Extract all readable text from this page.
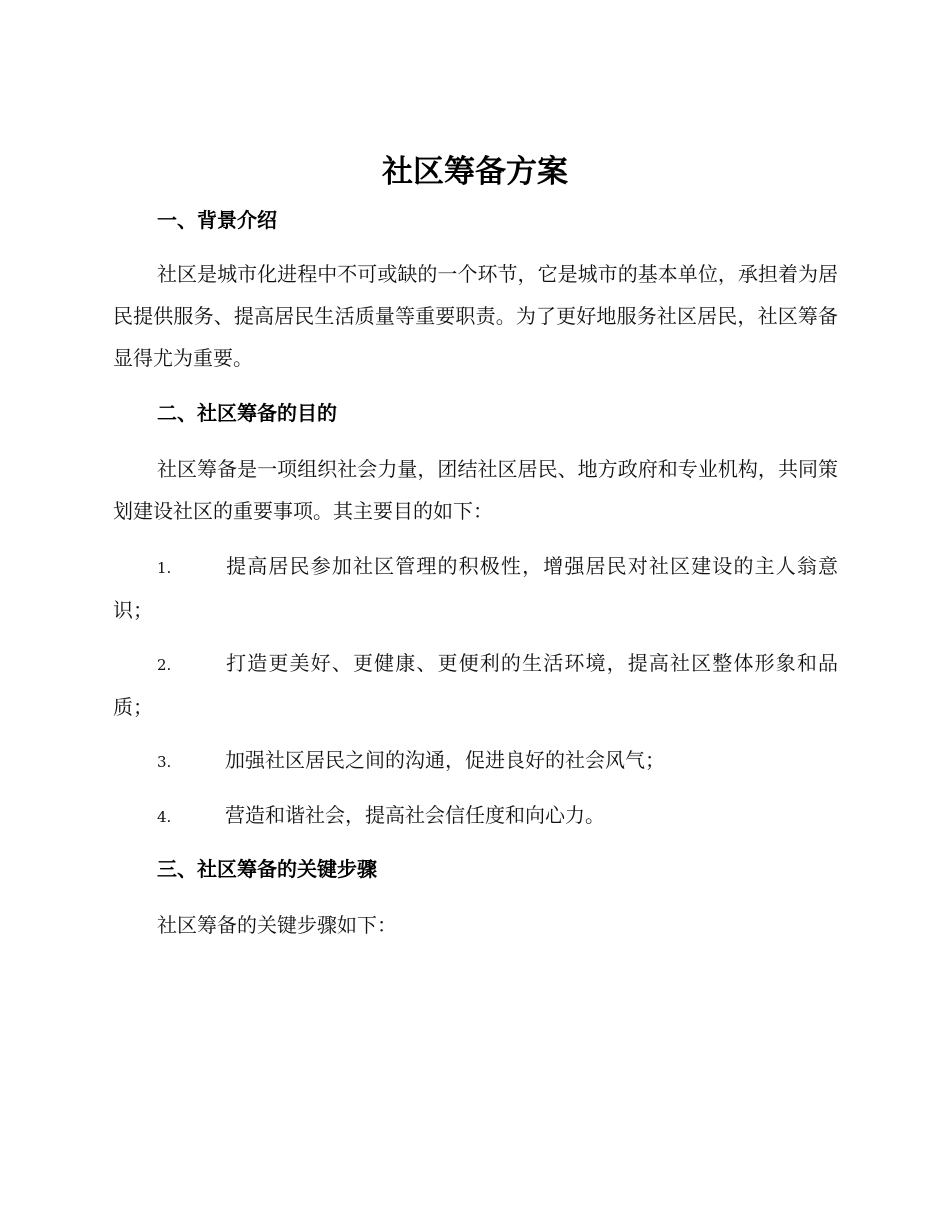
社区筹备方案
一、背景介绍
社区是城市化进程中不可或缺的一个环节，它是城市的基本单位，承担着为居民提供服务、提高居民生活质量等重要职责。为了更好地服务社区居民，社区筹备显得尤为重要。
二、社区筹备的目的
社区筹备是一项组织社会力量，团结社区居民、地方政府和专业机构，共同策划建设社区的重要事项。其主要目的如下：
1.	提高居民参加社区管理的积极性，增强居民对社区建设的主人翁意识；
2.	打造更美好、更健康、更便利的生活环境，提高社区整体形象和品质；
3.	加强社区居民之间的沟通，促进良好的社会风气；
4.	营造和谐社会，提高社会信任度和向心力。
三、社区筹备的关键步骤
社区筹备的关键步骤如下：
